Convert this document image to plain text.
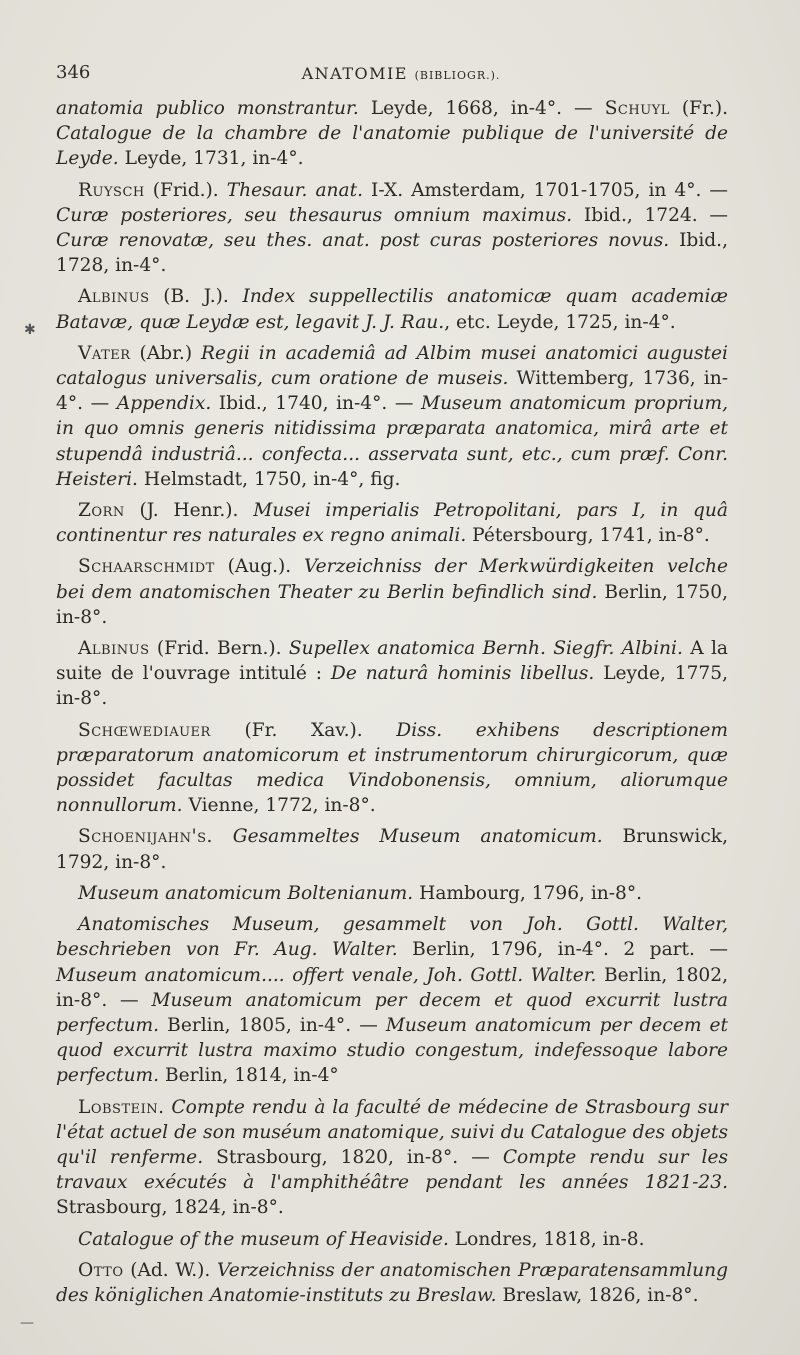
346	ANATOMIE (BIBLIOGR.).

anatomia publico monstrantur. Leyde, 1668, in-4°. — Schuyl (Fr.). Catalogue de la chambre de l'anatomie publique de l'université de Leyde. Leyde, 1731, in-4°.

Ruysch (Frid.). Thesaur. anat. I-X. Amsterdam, 1701-1705, in 4°. — Curæ posteriores, seu thesaurus omnium maximus. Ibid., 1724. — Curæ renovatæ, seu thes. anat. post curas posteriores novus. Ibid., 1728, in-4°.

Albinus (B. J.). Index suppellectilis anatomicæ quam academiæ Batavæ, quæ Leydæ est, legavit J. J. Rau., etc. Leyde, 1725, in-4°.

Vater (Abr.) Regii in academiâ ad Albim musei anatomici augustei catalogus universalis, cum oratione de museis. Wittemberg, 1736, in-4°. — Appendix. Ibid., 1740, in-4°. — Museum anatomicum proprium, in quo omnis generis nitidissima præparata anatomica, mirâ arte et stupendâ industriâ... confecta... asservata sunt, etc., cum præf. Conr. Heisteri. Helmstadt, 1750, in-4°, fig.

Zorn (J. Henr.). Musei imperialis Petropolitani, pars I, in quâ continentur res naturales ex regno animali. Pétersbourg, 1741, in-8°.

Schaarschmidt (Aug.). Verzeichniss der Merkwürdigkeiten velche bei dem anatomischen Theater zu Berlin befindlich sind. Berlin, 1750, in-8°.

Albinus (Frid. Bern.). Supellex anatomica Bernh. Siegfr. Albini. A la suite de l'ouvrage intitulé : De naturâ hominis libellus. Leyde, 1775, in-8°.

Schœwediauer (Fr. Xav.). Diss. exhibens descriptionem præparatorum anatomicorum et instrumentorum chirurgicorum, quæ possidet facultas medica Vindobonensis, omnium, aliorumque nonnullorum. Vienne, 1772, in-8°.

Schoenijahn's. Gesammeltes Museum anatomicum. Brunswick, 1792, in-8°.

Museum anatomicum Boltenianum. Hambourg, 1796, in-8°.

Anatomisches Museum, gesammelt von Joh. Gottl. Walter, beschrieben von Fr. Aug. Walter. Berlin, 1796, in-4°. 2 part. — Museum anatomicum.... offert venale, Joh. Gottl. Walter. Berlin, 1802, in-8°. — Museum anatomicum per decem et quod excurrit lustra perfectum. Berlin, 1805, in-4°. — Museum anatomicum per decem et quod excurrit lustra maximo studio congestum, indefessoque labore perfectum. Berlin, 1814, in-4°

Lobstein. Compte rendu à la faculté de médecine de Strasbourg sur l'état actuel de son muséum anatomique, suivi du Catalogue des objets qu'il renferme. Strasbourg, 1820, in-8°. — Compte rendu sur les travaux exécutés à l'amphithéâtre pendant les années 1821-23. Strasbourg, 1824, in-8°.

Catalogue of the museum of Heaviside. Londres, 1818, in-8.

Otto (Ad. W.). Verzeichniss der anatomischen Præparatensammlung des königlichen Anatomie-instituts zu Breslaw. Breslaw, 1826, in-8°.

✱
—
